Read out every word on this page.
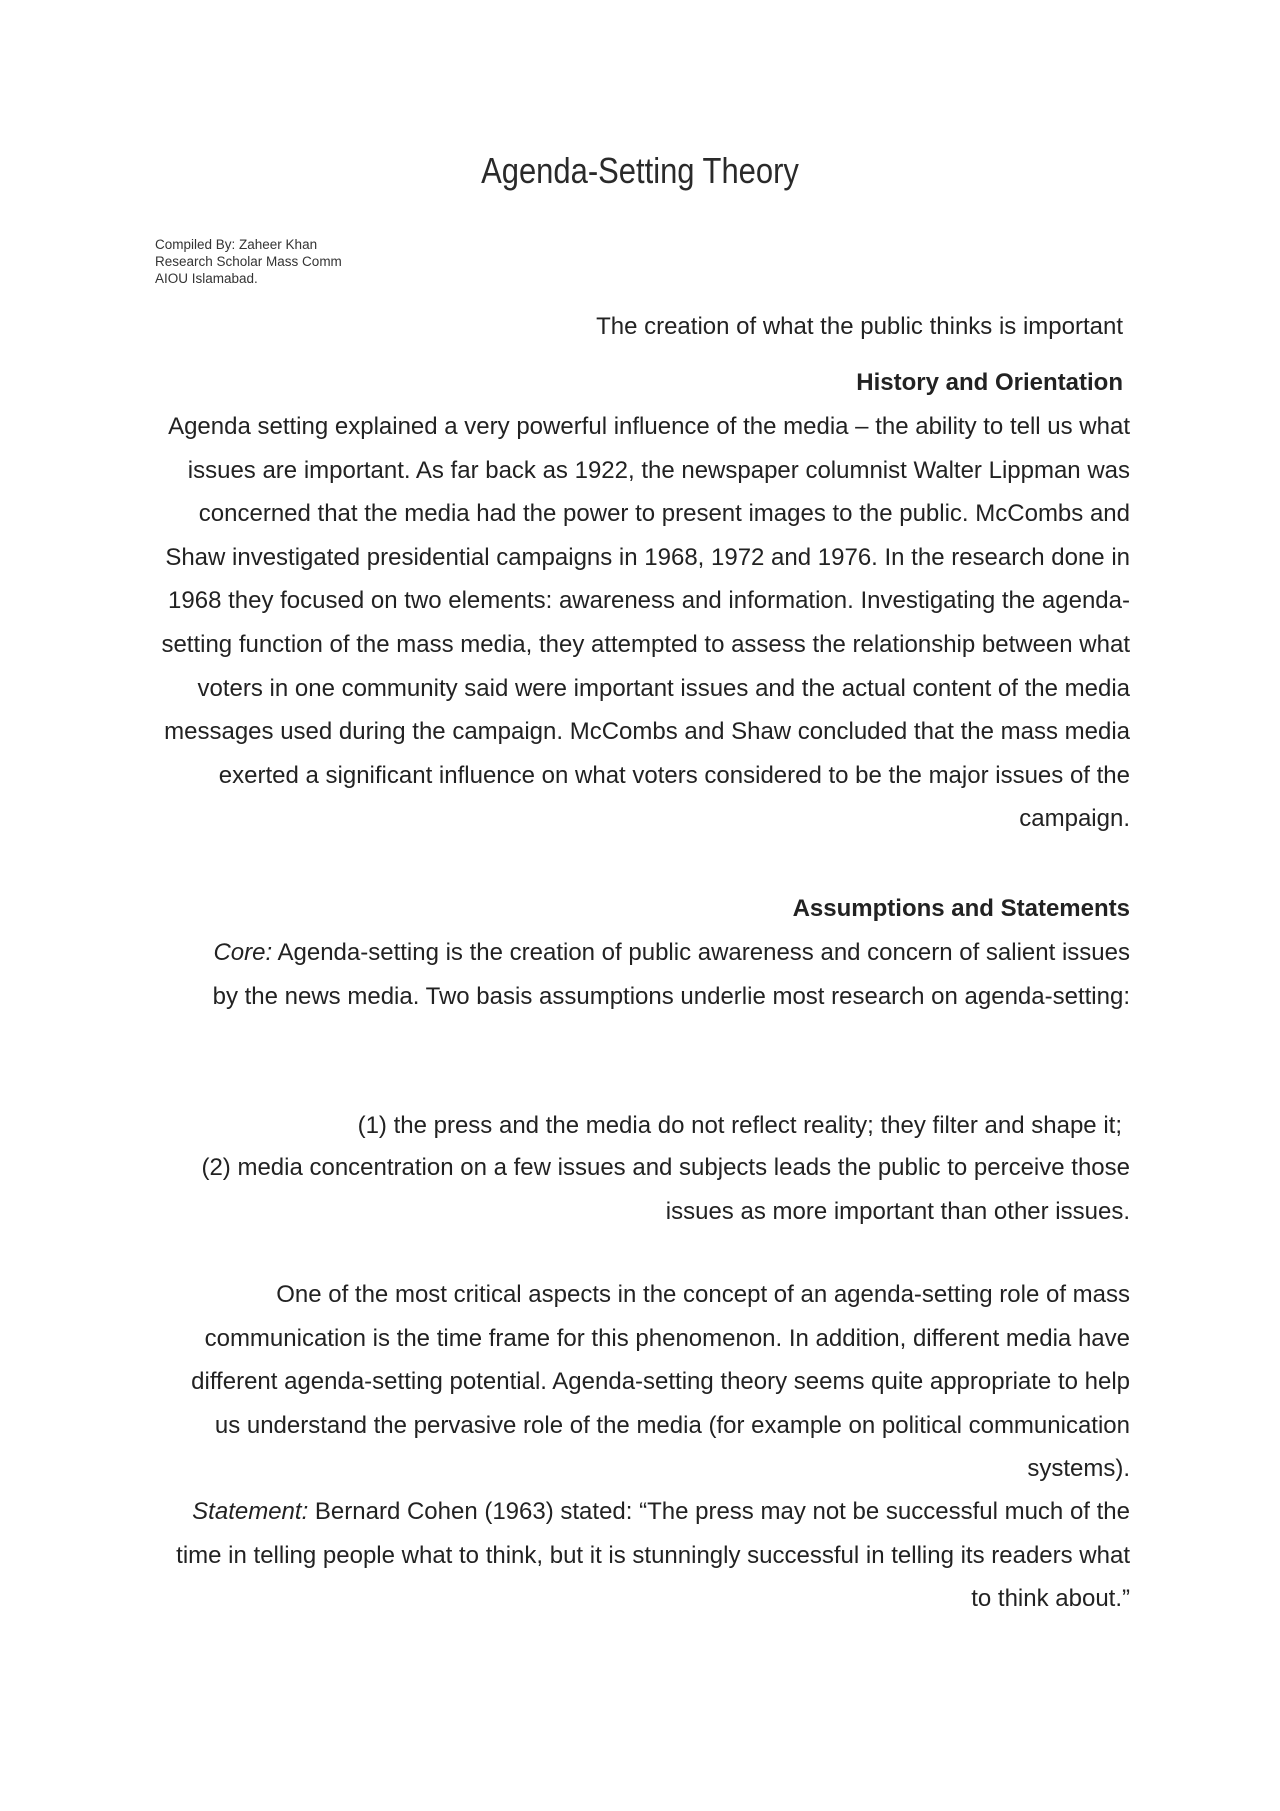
Agenda-Setting Theory
Compiled By: Zaheer Khan
Research Scholar Mass Comm
AIOU Islamabad.
The creation of what the public thinks is important
History and Orientation
Agenda setting explained a very powerful influence of the media – the ability to tell us what issues are important. As far back as 1922, the newspaper columnist Walter Lippman was concerned that the media had the power to present images to the public. McCombs and Shaw investigated presidential campaigns in 1968, 1972 and 1976. In the research done in 1968 they focused on two elements: awareness and information. Investigating the agenda-setting function of the mass media, they attempted to assess the relationship between what voters in one community said were important issues and the actual content of the media messages used during the campaign. McCombs and Shaw concluded that the mass media exerted a significant influence on what voters considered to be the major issues of the campaign.
Assumptions and Statements
Core: Agenda-setting is the creation of public awareness and concern of salient issues by the news media. Two basis assumptions underlie most research on agenda-setting:
(1) the press and the media do not reflect reality; they filter and shape it;
(2) media concentration on a few issues and subjects leads the public to perceive those issues as more important than other issues.
One of the most critical aspects in the concept of an agenda-setting role of mass communication is the time frame for this phenomenon. In addition, different media have different agenda-setting potential. Agenda-setting theory seems quite appropriate to help us understand the pervasive role of the media (for example on political communication systems).
Statement: Bernard Cohen (1963) stated: “The press may not be successful much of the time in telling people what to think, but it is stunningly successful in telling its readers what to think about.”
